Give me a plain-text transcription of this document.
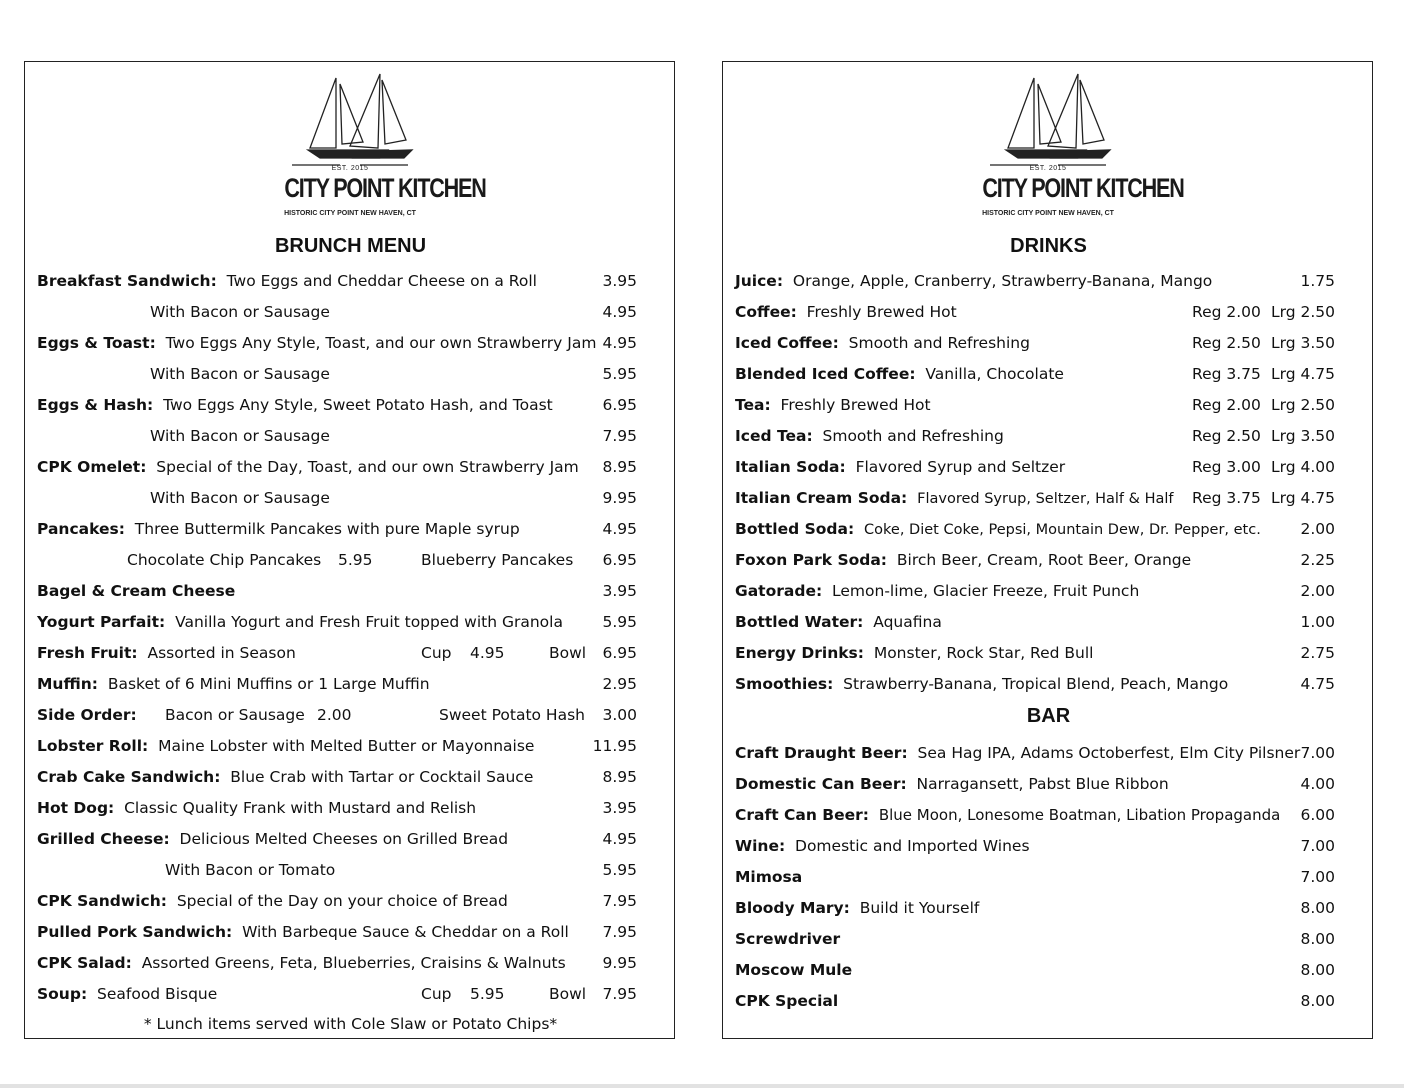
EST. 2015
CITY POINT KITCHEN
HISTORIC CITY POINT NEW HAVEN, CT
BRUNCH MENU
Breakfast Sandwich: Two Eggs and Cheddar Cheese on a Roll	3.95
With Bacon or Sausage	4.95
Eggs & Toast: Two Eggs Any Style, Toast, and our own Strawberry Jam 4.95
With Bacon or Sausage	5.95
Eggs & Hash: Two Eggs Any Style, Sweet Potato Hash, and Toast	6.95
With Bacon or Sausage	7.95
CPK Omelet: Special of the Day, Toast, and our own Strawberry Jam 8.95
With Bacon or Sausage	9.95
Pancakes: Three Buttermilk Pancakes with pure Maple syrup	4.95
Chocolate Chip Pancakes 5.95	Blueberry Pancakes 6.95
Bagel & Cream Cheese	3.95
Yogurt Parfait: Vanilla Yogurt and Fresh Fruit topped with Granola	5.95
Fresh Fruit: Assorted in Season	Cup 4.95	Bowl 6.95
Muffin: Basket of 6 Mini Muffins or 1 Large Muffin	2.95
Side Order: Bacon or Sausage 2.00	Sweet Potato Hash 3.00
Lobster Roll: Maine Lobster with Melted Butter or Mayonnaise	11.95
Crab Cake Sandwich: Blue Crab with Tartar or Cocktail Sauce	8.95
Hot Dog: Classic Quality Frank with Mustard and Relish	3.95
Grilled Cheese: Delicious Melted Cheeses on Grilled Bread	4.95
With Bacon or Tomato	5.95
CPK Sandwich: Special of the Day on your choice of Bread	7.95
Pulled Pork Sandwich: With Barbeque Sauce & Cheddar on a Roll 7.95
CPK Salad: Assorted Greens, Feta, Blueberries, Craisins & Walnuts 9.95
Soup: Seafood Bisque	Cup 5.95	Bowl 7.95
* Lunch items served with Cole Slaw or Potato Chips*
EST. 2015
CITY POINT KITCHEN
HISTORIC CITY POINT NEW HAVEN, CT
DRINKS
Juice: Orange, Apple, Cranberry, Strawberry-Banana, Mango	1.75
Coffee: Freshly Brewed Hot	Reg 2.00 Lrg 2.50
Iced Coffee: Smooth and Refreshing	Reg 2.50 Lrg 3.50
Blended Iced Coffee: Vanilla, Chocolate	Reg 3.75 Lrg 4.75
Tea: Freshly Brewed Hot	Reg 2.00 Lrg 2.50
Iced Tea: Smooth and Refreshing	Reg 2.50 Lrg 3.50
Italian Soda: Flavored Syrup and Seltzer	Reg 3.00 Lrg 4.00
Italian Cream Soda: Flavored Syrup, Seltzer, Half & Half Reg 3.75 Lrg 4.75
Bottled Soda: Coke, Diet Coke, Pepsi, Mountain Dew, Dr. Pepper, etc.	2.00
Foxon Park Soda: Birch Beer, Cream, Root Beer, Orange	2.25
Gatorade: Lemon-lime, Glacier Freeze, Fruit Punch	2.00
Bottled Water: Aquafina	1.00
Energy Drinks: Monster, Rock Star, Red Bull	2.75
Smoothies: Strawberry-Banana, Tropical Blend, Peach, Mango	4.75
BAR
Craft Draught Beer: Sea Hag IPA, Adams Octoberfest, Elm City Pilsner 7.00
Domestic Can Beer: Narragansett, Pabst Blue Ribbon	4.00
Craft Can Beer: Blue Moon, Lonesome Boatman, Libation Propaganda 6.00
Wine: Domestic and Imported Wines	7.00
Mimosa	7.00
Bloody Mary: Build it Yourself	8.00
Screwdriver	8.00
Moscow Mule	8.00
CPK Special	8.00
